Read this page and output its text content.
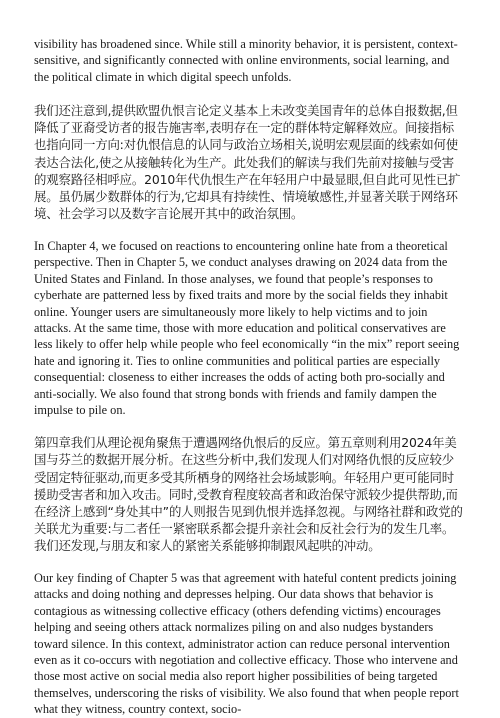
visibility has broadened since. While still a minority behavior, it is persistent, context-sensitive, and significantly connected with online environments, social learning, and the political climate in which digital speech unfolds.

我们还注意到,提供欧盟仇恨言论定义基本上未改变美国青年的总体自报数据,但降低了亚裔受访者的报告施害率,表明存在一定的群体特定解释效应。间接指标也指向同一方向:对仇恨信息的认同与政治立场相关,说明宏观层面的线索如何使表达合法化,使之从接触转化为生产。此处我们的解读与我们先前对接触与受害的观察路径相呼应。2010年代仇恨生产在年轻用户中最显眼,但自此可见性已扩展。虽仍属少数群体的行为,它却具有持续性、情境敏感性,并显著关联于网络环境、社会学习以及数字言论展开其中的政治氛围。

In Chapter 4, we focused on reactions to encountering online hate from a theoretical perspective. Then in Chapter 5, we conduct analyses drawing on 2024 data from the United States and Finland. In those analyses, we found that people’s responses to cyberhate are patterned less by fixed traits and more by the social fields they inhabit online. Younger users are simultaneously more likely to help victims and to join attacks. At the same time, those with more education and political conservatives are less likely to offer help while people who feel economically “in the mix” report seeing hate and ignoring it. Ties to online communities and political parties are especially consequential: closeness to either increases the odds of acting both pro-socially and anti-socially. We also found that strong bonds with friends and family dampen the impulse to pile on.

第四章我们从理论视角聚焦于遭遇网络仇恨后的反应。第五章则利用2024年美国与芬兰的数据开展分析。在这些分析中,我们发现人们对网络仇恨的反应较少受固定特征驱动,而更多受其所栖身的网络社会场域影响。年轻用户更可能同时援助受害者和加入攻击。同时,受教育程度较高者和政治保守派较少提供帮助,而在经济上感到“身处其中”的人则报告见到仇恨并选择忽视。与网络社群和政党的关联尤为重要:与二者任一紧密联系都会提升亲社会和反社会行为的发生几率。我们还发现,与朋友和家人的紧密关系能够抑制跟风起哄的冲动。

Our key finding of Chapter 5 was that agreement with hateful content predicts joining attacks and doing nothing and depresses helping. Our data shows that behavior is contagious as witnessing collective efficacy (others defending victims) encourages helping and seeing others attack normalizes piling on and also nudges bystanders toward silence. In this context, administrator action can reduce personal intervention even as it co-occurs with negotiation and collective efficacy. Those who intervene and those most active on social media also report higher possibilities of being targeted themselves, underscoring the risks of visibility. We also found that when people report what they witness, country context, socio-
